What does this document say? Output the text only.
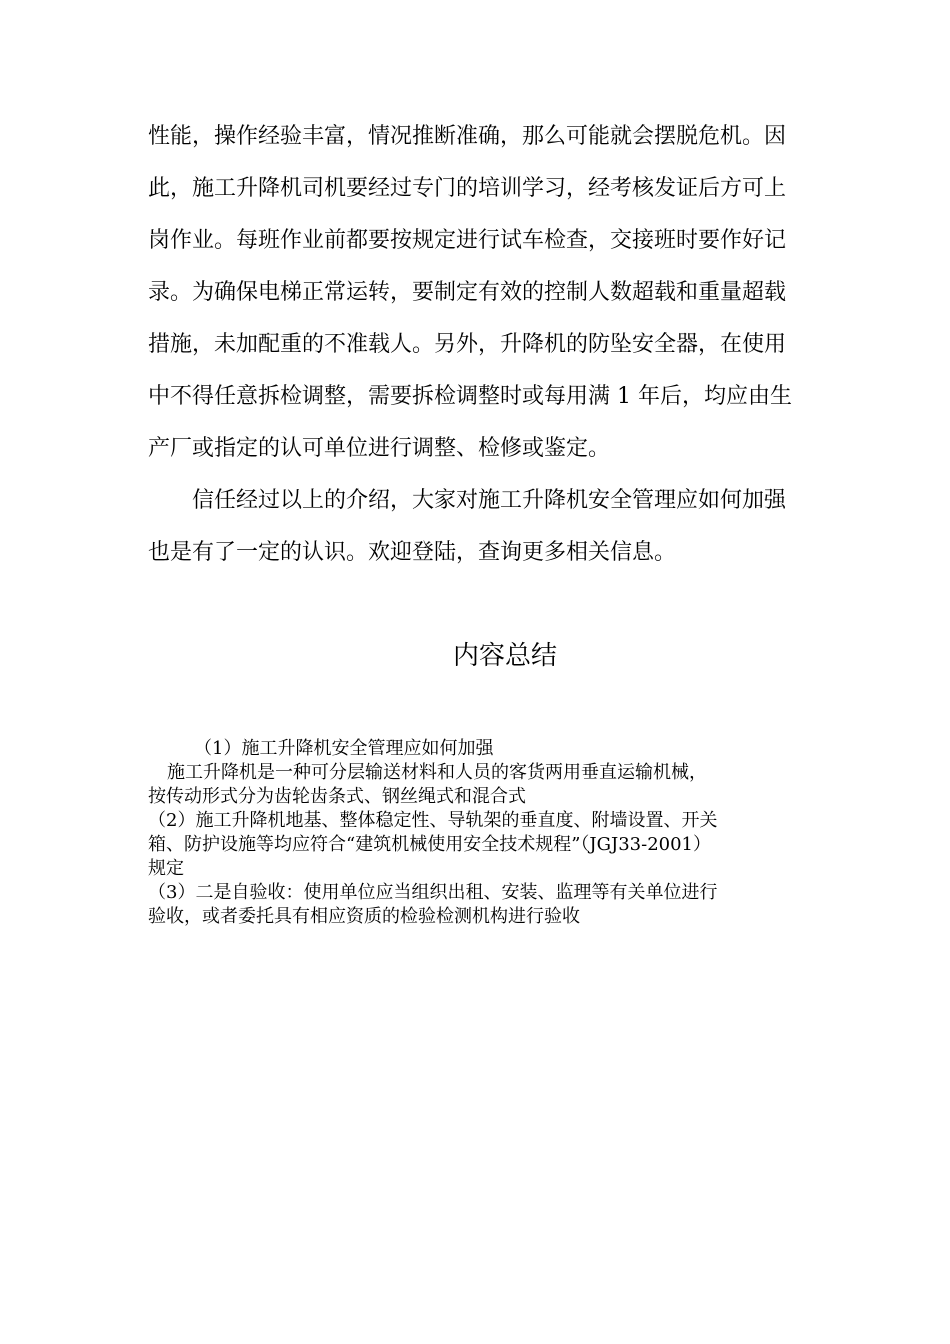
性能，操作经验丰富，情况推断准确，那么可能就会摆脱危机。因
此，施工升降机司机要经过专门的培训学习，经考核发证后方可上
岗作业。每班作业前都要按规定进行试车检查，交接班时要作好记
录。为确保电梯正常运转，要制定有效的控制人数超载和重量超载
措施，未加配重的不准载人。另外，升降机的防坠安全器，在使用
中不得任意拆检调整，需要拆检调整时或每用满 1 年后，均应由生
产厂或指定的认可单位进行调整、检修或鉴定。
信任经过以上的介绍，大家对施工升降机安全管理应如何加强
也是有了一定的认识。欢迎登陆，查询更多相关信息。
内容总结
（1）施工升降机安全管理应如何加强
施工升降机是一种可分层输送材料和人员的客货两用垂直运输机械，
按传动形式分为齿轮齿条式、钢丝绳式和混合式
（2）施工升降机地基、整体稳定性、导轨架的垂直度、附墙设置、开关
箱、防护设施等均应符合“建筑机械使用安全技术规程”（JGJ33-2001）
规定
（3）二是自验收：使用单位应当组织出租、安装、监理等有关单位进行
验收，或者委托具有相应资质的检验检测机构进行验收
